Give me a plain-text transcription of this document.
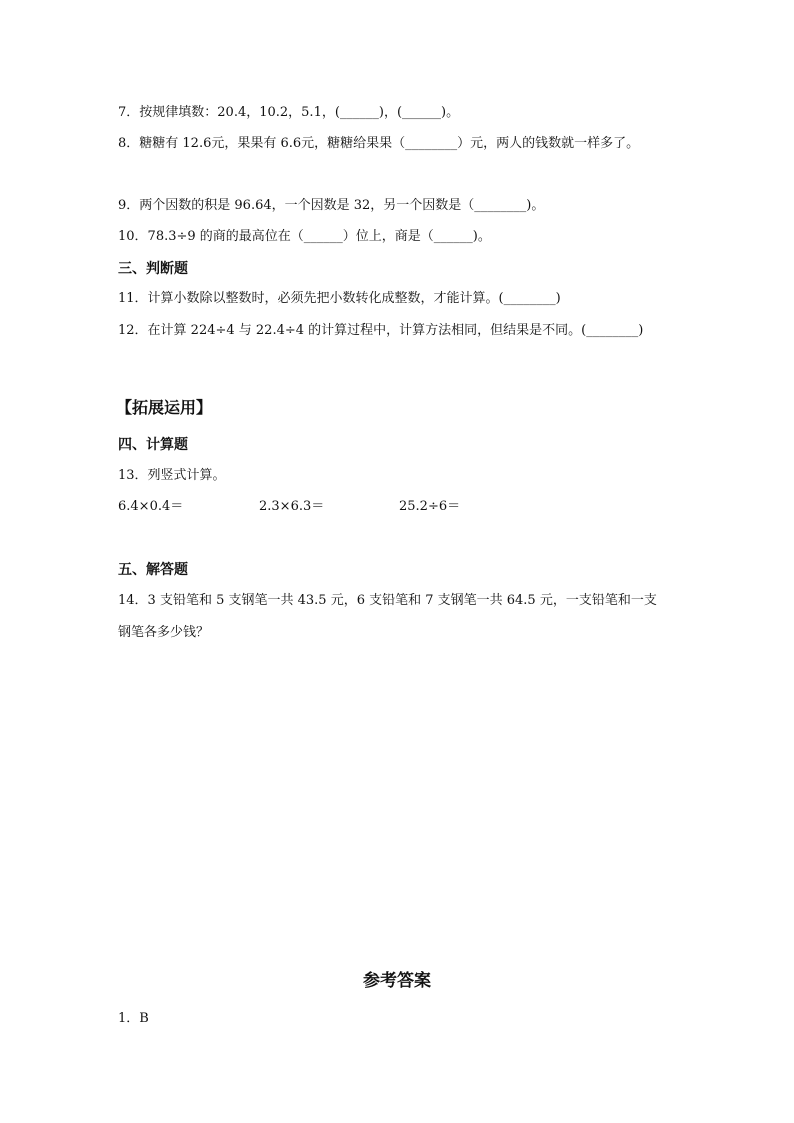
7．按规律填数：20.4，10.2，5.1，(______)，(______)。
8．糖糖有 12.6元，果果有 6.6元，糖糖给果果（________）元，两人的钱数就一样多了。
9．两个因数的积是 96.64，一个因数是 32，另一个因数是（________)。
10．78.3÷9 的商的最高位在（______）位上，商是（______)。
三、判断题
11．计算小数除以整数时，必须先把小数转化成整数，才能计算。(________)
12．在计算 224÷4 与 22.4÷4 的计算过程中，计算方法相同，但结果是不同。(________)
【拓展运用】
四、计算题
13．列竖式计算。
6.4×0.4＝	2.3×6.3＝	25.2÷6＝
五、解答题
14．3 支铅笔和 5 支钢笔一共 43.5 元，6 支铅笔和 7 支钢笔一共 64.5 元，一支铅笔和一支
钢笔各多少钱？
参考答案
1．B
